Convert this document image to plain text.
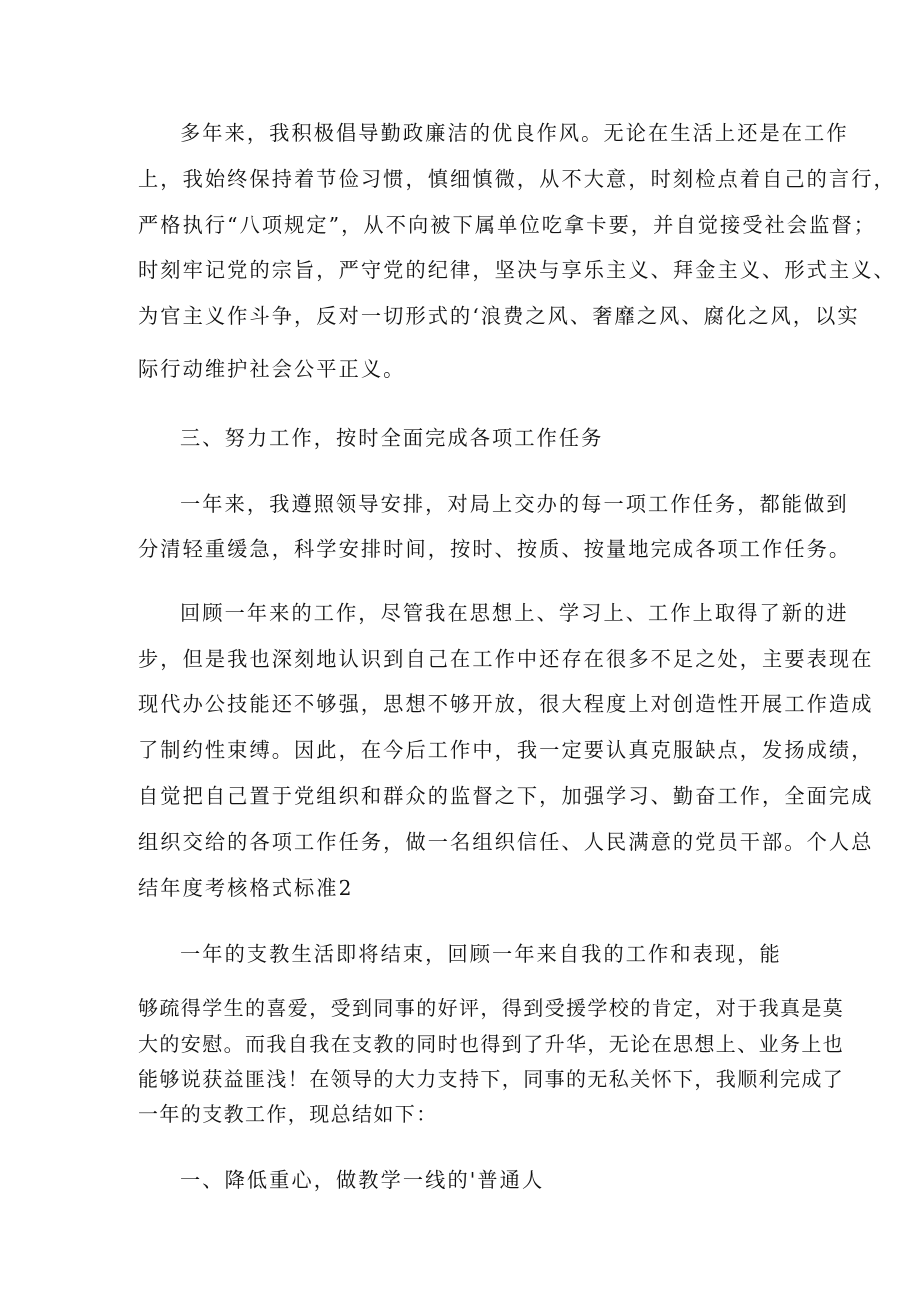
多年来，我积极倡导勤政廉洁的优良作风。无论在生活上还是在工作
上，我始终保持着节俭习惯，慎细慎微，从不大意，时刻检点着自己的言行，
严格执行“八项规定”，从不向被下属单位吃拿卡要，并自觉接受社会监督；
时刻牢记党的宗旨，严守党的纪律，坚决与享乐主义、拜金主义、形式主义、
为官主义作斗争，反对一切形式的‘浪费之风、奢靡之风、腐化之风，以实
际行动维护社会公平正义。
三、努力工作，按时全面完成各项工作任务
一年来，我遵照领导安排，对局上交办的每一项工作任务，都能做到
分清轻重缓急，科学安排时间，按时、按质、按量地完成各项工作任务。
回顾一年来的工作，尽管我在思想上、学习上、工作上取得了新的进
步，但是我也深刻地认识到自己在工作中还存在很多不足之处，主要表现在
现代办公技能还不够强，思想不够开放，很大程度上对创造性开展工作造成
了制约性束缚。因此，在今后工作中，我一定要认真克服缺点，发扬成绩，
自觉把自己置于党组织和群众的监督之下，加强学习、勤奋工作，全面完成
组织交给的各项工作任务，做一名组织信任、人民满意的党员干部。个人总
结年度考核格式标准2
一年的支教生活即将结束，回顾一年来自我的工作和表现，能
够疏得学生的喜爱，受到同事的好评，得到受援学校的肯定，对于我真是莫
大的安慰。而我自我在支教的同时也得到了升华，无论在思想上、业务上也
能够说获益匪浅！在领导的大力支持下，同事的无私关怀下，我顺利完成了
一年的支教工作，现总结如下：
一、降低重心，做教学一线的'普通人
